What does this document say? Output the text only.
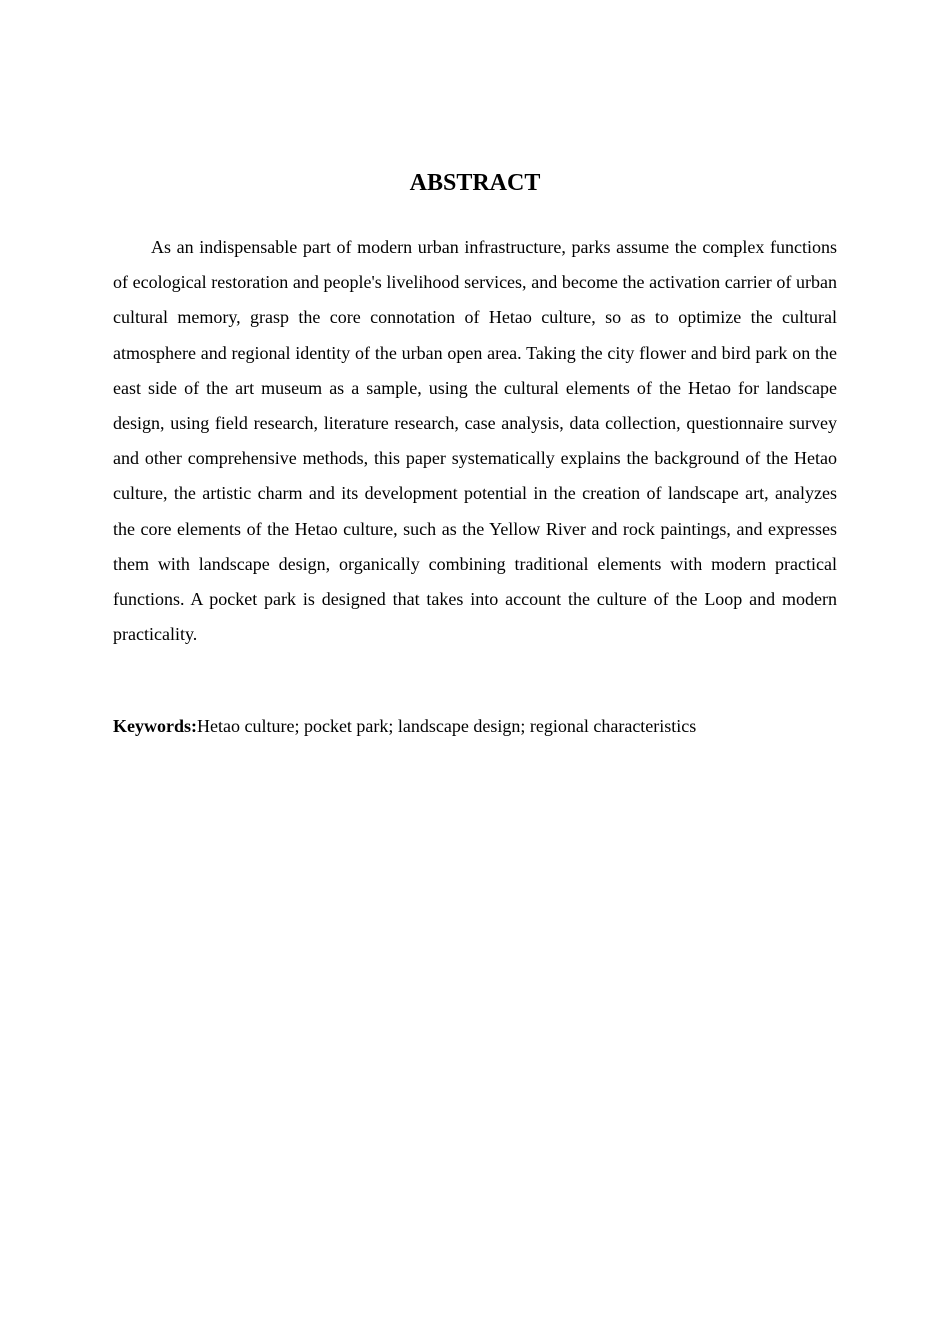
ABSTRACT

As an indispensable part of modern urban infrastructure, parks assume the complex functions of ecological restoration and people's livelihood services, and become the activation carrier of urban cultural memory, grasp the core connotation of Hetao culture, so as to optimize the cultural atmosphere and regional identity of the urban open area. Taking the city flower and bird park on the east side of the art museum as a sample, using the cultural elements of the Hetao for landscape design, using field research, literature research, case analysis, data collection, questionnaire survey and other comprehensive methods, this paper systematically explains the background of the Hetao culture, the artistic charm and its development potential in the creation of landscape art, analyzes the core elements of the Hetao culture, such as the Yellow River and rock paintings, and expresses them with landscape design, organically combining traditional elements with modern practical functions. A pocket park is designed that takes into account the culture of the Loop and modern practicality.

Keywords:Hetao culture; pocket park; landscape design; regional characteristics
